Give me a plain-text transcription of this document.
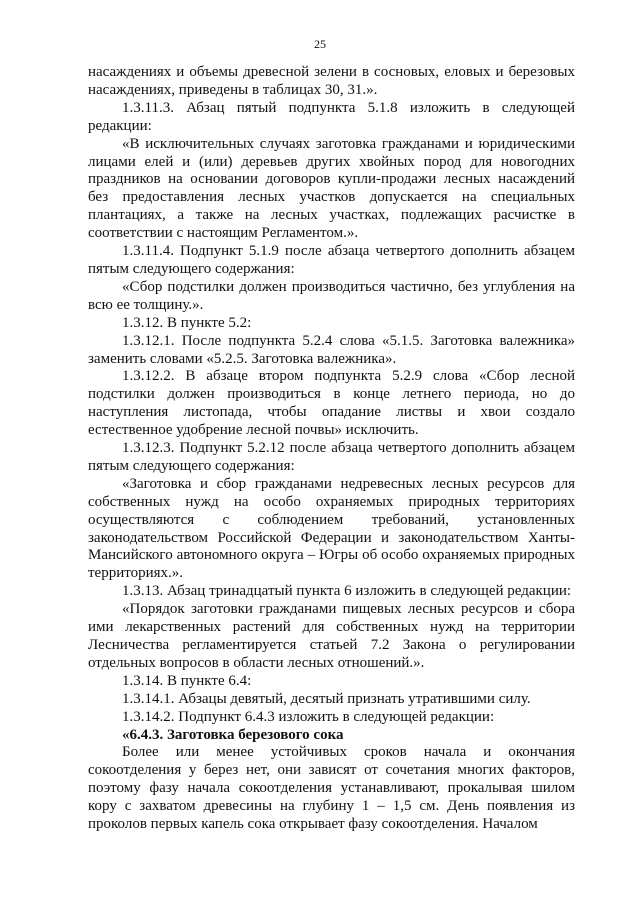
25

насаждениях и объемы древесной зелени в сосновых, еловых и березовых насаждениях, приведены в таблицах 30, 31.».

1.3.11.3. Абзац пятый подпункта 5.1.8 изложить в следующей редакции:

«В исключительных случаях заготовка гражданами и юридическими лицами елей и (или) деревьев других хвойных пород для новогодних праздников на основании договоров купли-продажи лесных насаждений без предоставления лесных участков допускается на специальных плантациях, а также на лесных участках, подлежащих расчистке в соответствии с настоящим Регламентом.».

1.3.11.4. Подпункт 5.1.9 после абзаца четвертого дополнить абзацем пятым следующего содержания:

«Сбор подстилки должен производиться частично, без углубления на всю ее толщину.».

1.3.12. В пункте 5.2:

1.3.12.1. После подпункта 5.2.4 слова «5.1.5. Заготовка валежника» заменить словами «5.2.5. Заготовка валежника».

1.3.12.2. В абзаце втором подпункта 5.2.9 слова «Сбор лесной подстилки должен производиться в конце летнего периода, но до наступления листопада, чтобы опадание листвы и хвои создало естественное удобрение лесной почвы» исключить.

1.3.12.3. Подпункт 5.2.12 после абзаца четвертого дополнить абзацем пятым следующего содержания:

«Заготовка и сбор гражданами недревесных лесных ресурсов для собственных нужд на особо охраняемых природных территориях осуществляются с соблюдением требований, установленных законодательством Российской Федерации и законодательством Ханты-Мансийского автономного округа – Югры об особо охраняемых природных территориях.».

1.3.13. Абзац тринадцатый пункта 6 изложить в следующей редакции:

«Порядок заготовки гражданами пищевых лесных ресурсов и сбора ими лекарственных растений для собственных нужд на территории Лесничества регламентируется статьей 7.2 Закона о регулировании отдельных вопросов в области лесных отношений.».

1.3.14. В пункте 6.4:

1.3.14.1. Абзацы девятый, десятый признать утратившими силу.

1.3.14.2. Подпункт 6.4.3 изложить в следующей редакции:

«6.4.3. Заготовка березового сока

Более или менее устойчивых сроков начала и окончания сокоотделения у берез нет, они зависят от сочетания многих факторов, поэтому фазу начала сокоотделения устанавливают, прокалывая шилом кору с захватом древесины на глубину 1 – 1,5 см. День появления из проколов первых капель сока открывает фазу сокоотделения. Началом
